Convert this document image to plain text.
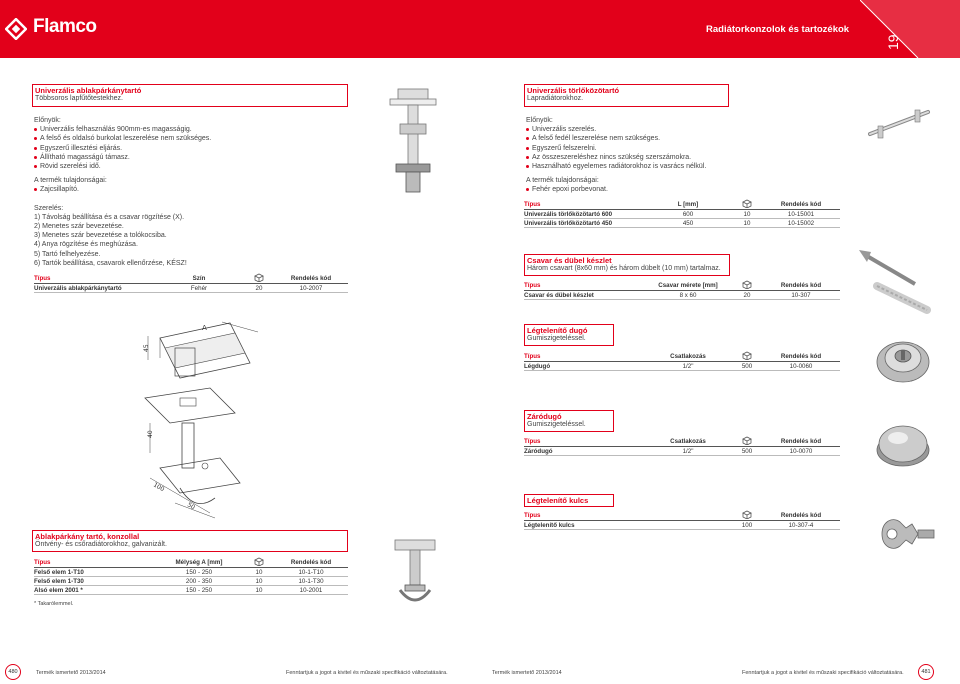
Flamco	Radiátorkonzolok és tartozékok
19
Univerzális ablakpárkánytartó
Többsoros lapfűtőtestekhez.
Előnyök:
Univerzális felhasználás 900mm-es magasságig.
A felső és oldalsó burkolat leszerelése nem szükséges.
Egyszerű illesztési eljárás.
Állítható magasságú támasz.
Rövid szerelési idő.
A termék tulajdonságai:
Zajcsillapító.
Szerelés:
1) Távolság beállítása és a csavar rögzítése (X).
2) Menetes szár bevezetése.
3) Menetes szár bevezetése a tolókocsiba.
4) Anya rögzítése és meghúzása.
5) Tartó felhelyezése.
6) Tartók beállítása, csavarok ellenőrzése, KÉSZ!
Típus	Szín		Rendelés kód
Univerzális ablakpárkánytartó	Fehér	20	10-2007
A
45
40
100
50
Ablakpárkány tartó, konzollal
Öntvény- és csőradiátorokhoz, galvanizált.
Típus	Mélység A [mm]		Rendelés kód
Felső elem 1-T10	150 - 250	10	10-1-T10
Felső elem 1-T30	200 - 350	10	10-1-T30
Alsó elem 2001 *	150 - 250	10	10-2001
* Takarólemmel.
Univerzális törlőközötartó
Lapradiátorokhoz.
Előnyök:
Univerzális szerelés.
A felső fedél leszerelése nem szükséges.
Egyszerű felszerelni.
Az összeszereléshez nincs szükség szerszámokra.
Használható egyelemes radiátorokhoz is vasrács nélkül.
A termék tulajdonságai:
Fehér epoxi porbevonat.
Típus	L [mm]		Rendelés kód
Univerzális törlőközötartó 600	600	10	10-15001
Univerzális törlőközötartó 450	450	10	10-15002
Csavar és dübel készlet
Három csavart (8x60 mm) és három dübelt (10 mm) tartalmaz.
Típus	Csavar mérete [mm]		Rendelés kód
Csavar és dübel készlet	8 x 60	20	10-307
Légtelenítő dugó
Gumiszigeteléssel.
Típus	Csatlakozás		Rendelés kód
Légdugó	1/2"	500	10-0060
Záródugó
Gumiszigeteléssel.
Típus	Csatlakozás		Rendelés kód
Záródugó	1/2"	500	10-0070
Légtelenítő kulcs
Típus			Rendelés kód
Légtelenítő kulcs		100	10-307-4
480	Termék ismertető 2013/2014	Fenntartjuk a jogot a kivitel és műszaki specifikáció változtatására.	Termék ismertető 2013/2014	Fenntartjuk a jogot a kivitel és műszaki specifikáció változtatására.	481
